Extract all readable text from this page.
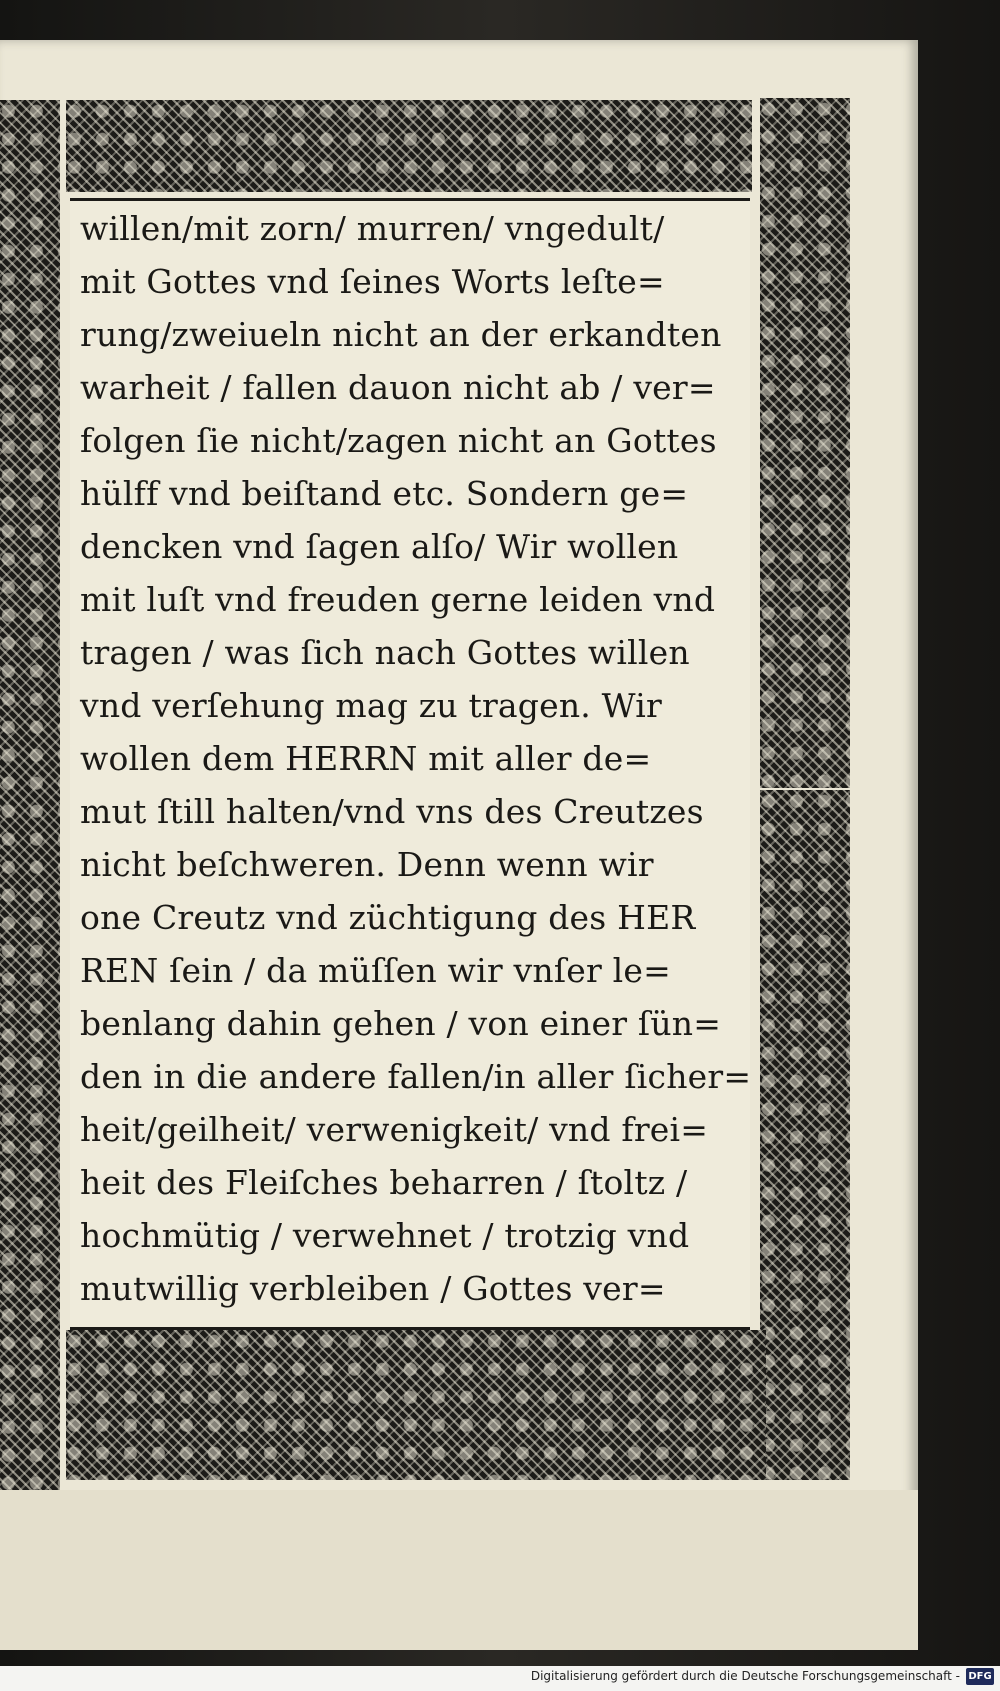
willen/mit zorn/ murren/ vngedult/
mit Gottes vnd ſeines Worts leſte=
rung/zweiueln nicht an der erkandten
warheit / fallen dauon nicht ab / ver=
folgen ſie nicht/zagen nicht an Gottes
hülff vnd beiſtand etc. Sondern ge=
dencken vnd ſagen alſo/ Wir wollen
mit luſt vnd freuden gerne leiden vnd
tragen / was ſich nach Gottes willen
vnd verſehung mag zu tragen. Wir
wollen dem HERRN mit aller de=
mut ſtill halten/vnd vns des Creutzes
nicht beſchweren. Denn wenn wir
one Creutz vnd züchtigung des HER
REN ſein / da müſſen wir vnſer le=
benlang dahin gehen / von einer ſün=
den in die andere fallen/in aller ſicher=
heit/geilheit/ verwenigkeit/ vnd frei=
heit des Fleiſches beharren / ſtoltz /
hochmütig / verwehnet / trotzig vnd
mutwillig verbleiben / Gottes ver=
Digitalisierung gefördert durch die Deutsche Forschungsgemeinschaft - DFG
